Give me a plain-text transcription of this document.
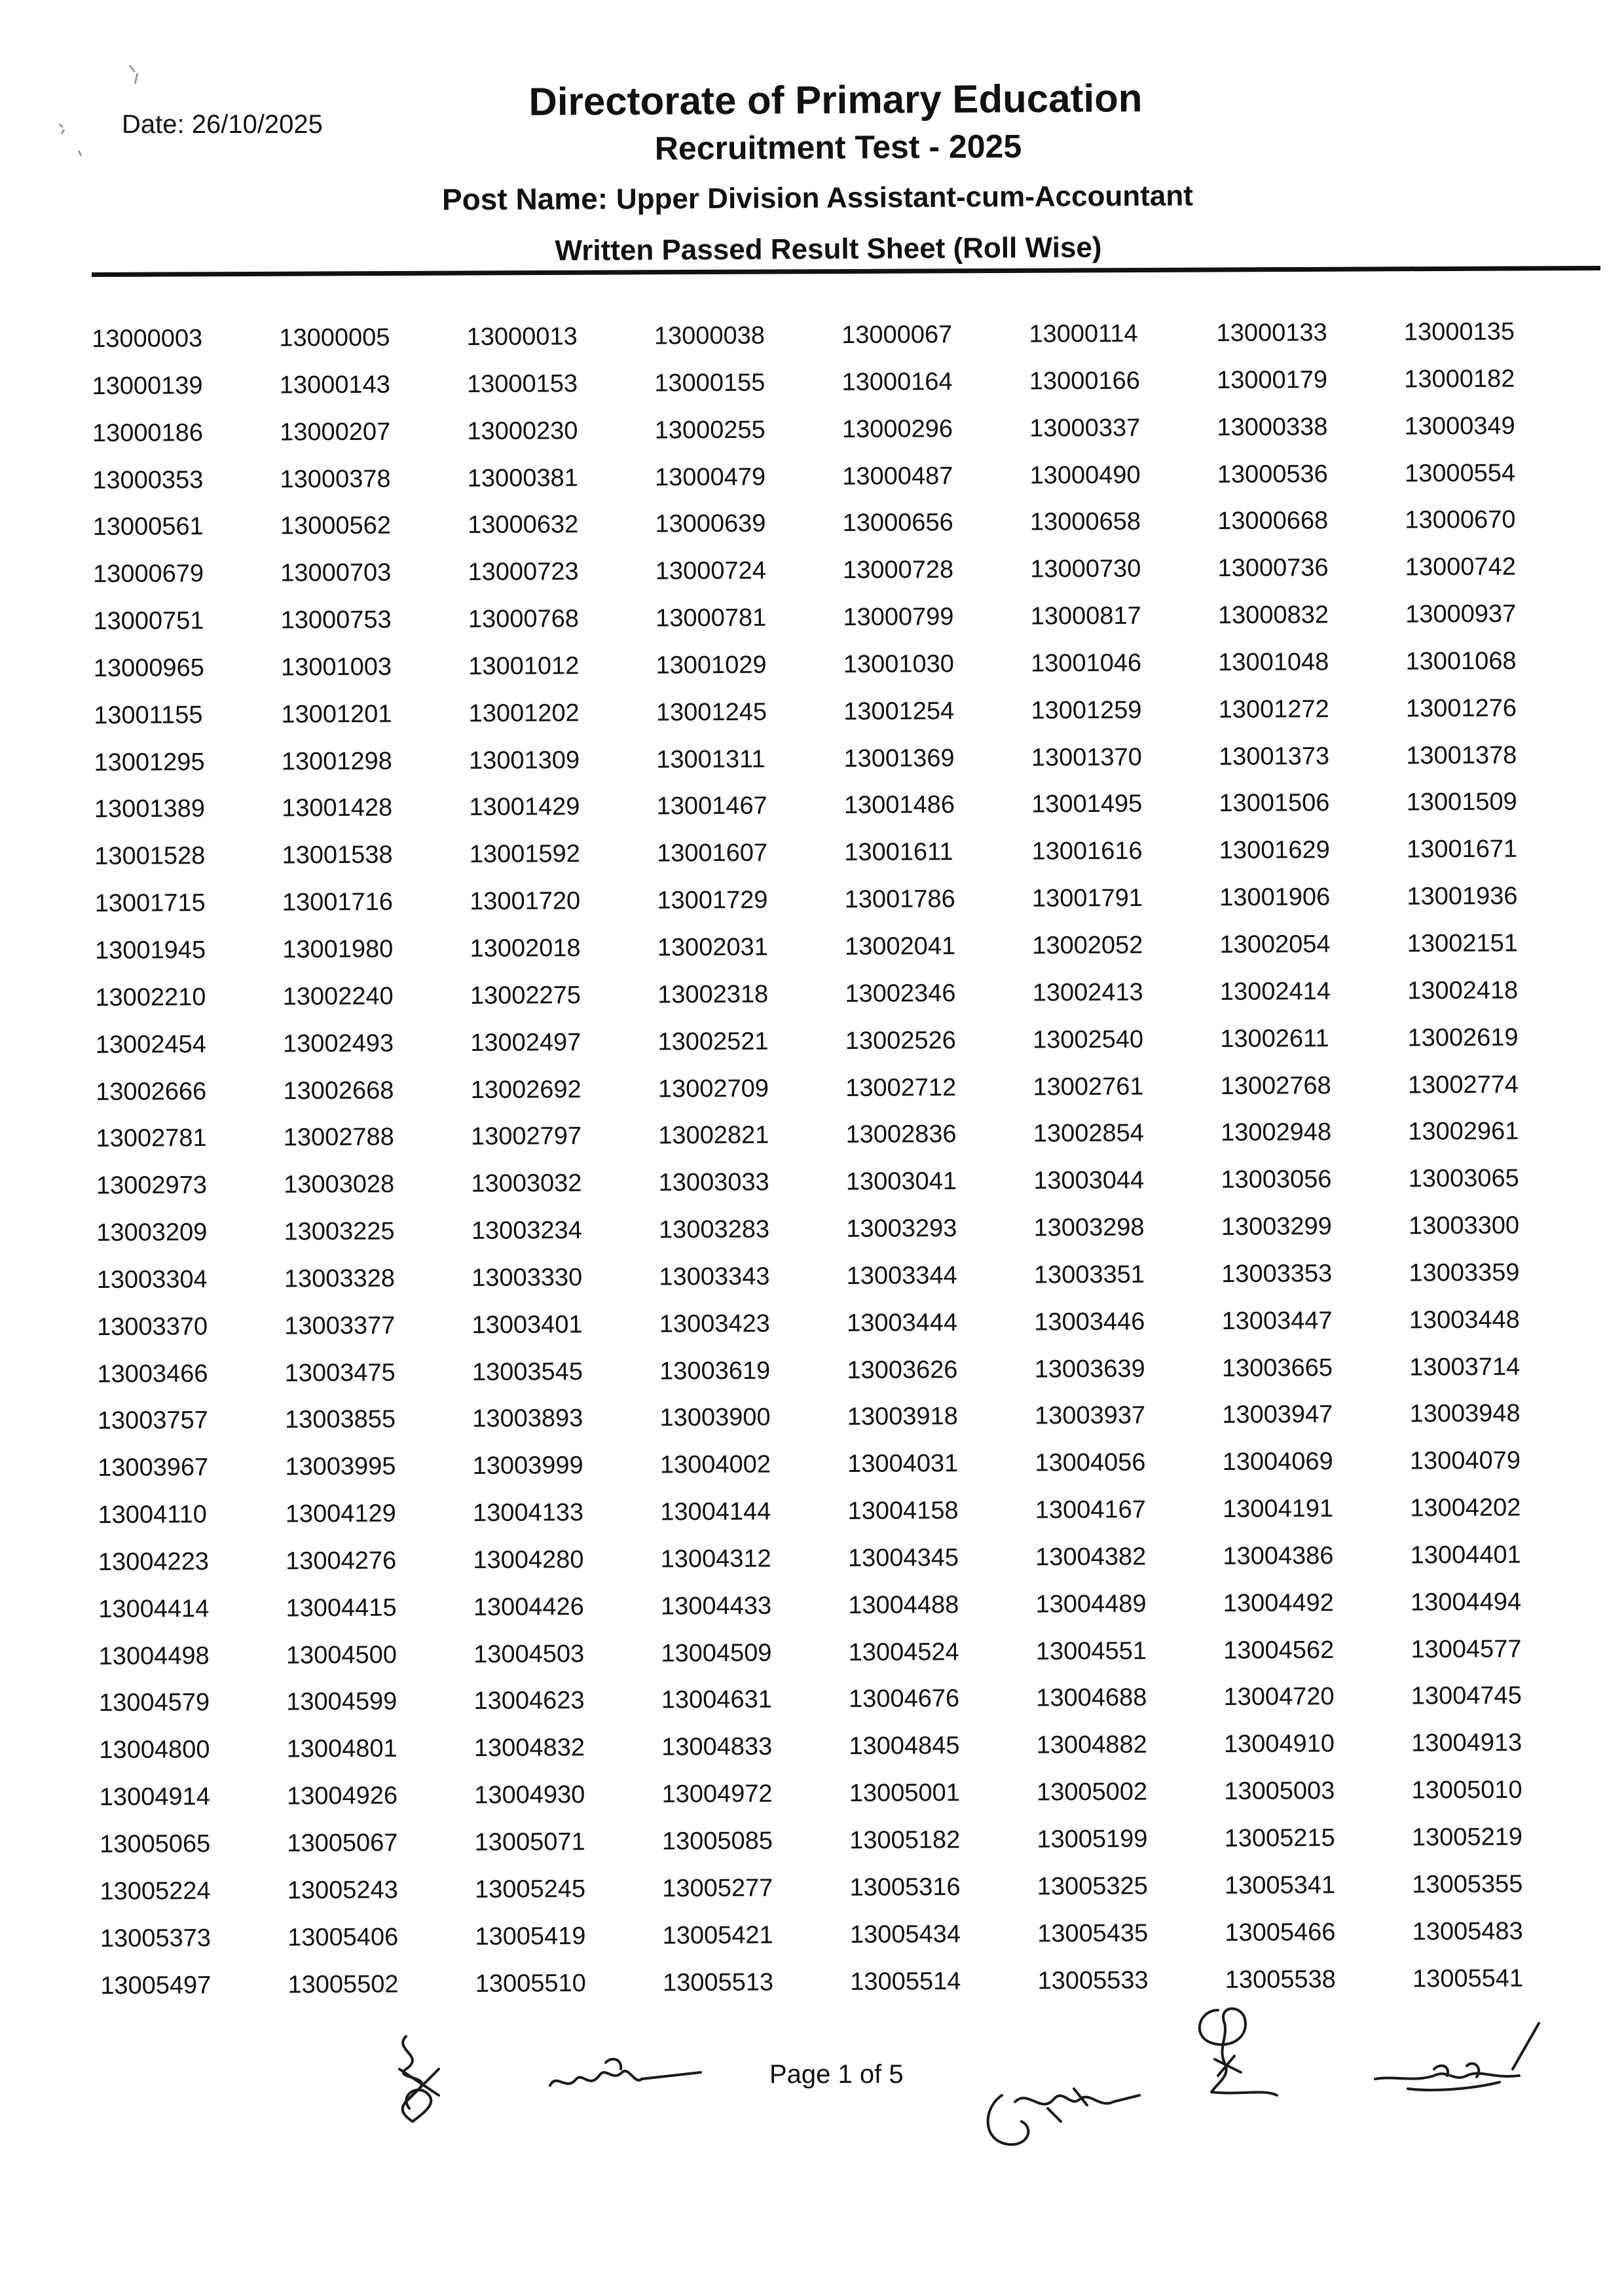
Date: 26/10/2025
Directorate of Primary Education
Recruitment Test - 2025
Post Name: Upper Division Assistant-cum-Accountant
Written Passed Result Sheet (Roll Wise)
13000003	13000005	13000013	13000038	13000067	13000114	13000133	13000135
13000139	13000143	13000153	13000155	13000164	13000166	13000179	13000182
13000186	13000207	13000230	13000255	13000296	13000337	13000338	13000349
13000353	13000378	13000381	13000479	13000487	13000490	13000536	13000554
13000561	13000562	13000632	13000639	13000656	13000658	13000668	13000670
13000679	13000703	13000723	13000724	13000728	13000730	13000736	13000742
13000751	13000753	13000768	13000781	13000799	13000817	13000832	13000937
13000965	13001003	13001012	13001029	13001030	13001046	13001048	13001068
13001155	13001201	13001202	13001245	13001254	13001259	13001272	13001276
13001295	13001298	13001309	13001311	13001369	13001370	13001373	13001378
13001389	13001428	13001429	13001467	13001486	13001495	13001506	13001509
13001528	13001538	13001592	13001607	13001611	13001616	13001629	13001671
13001715	13001716	13001720	13001729	13001786	13001791	13001906	13001936
13001945	13001980	13002018	13002031	13002041	13002052	13002054	13002151
13002210	13002240	13002275	13002318	13002346	13002413	13002414	13002418
13002454	13002493	13002497	13002521	13002526	13002540	13002611	13002619
13002666	13002668	13002692	13002709	13002712	13002761	13002768	13002774
13002781	13002788	13002797	13002821	13002836	13002854	13002948	13002961
13002973	13003028	13003032	13003033	13003041	13003044	13003056	13003065
13003209	13003225	13003234	13003283	13003293	13003298	13003299	13003300
13003304	13003328	13003330	13003343	13003344	13003351	13003353	13003359
13003370	13003377	13003401	13003423	13003444	13003446	13003447	13003448
13003466	13003475	13003545	13003619	13003626	13003639	13003665	13003714
13003757	13003855	13003893	13003900	13003918	13003937	13003947	13003948
13003967	13003995	13003999	13004002	13004031	13004056	13004069	13004079
13004110	13004129	13004133	13004144	13004158	13004167	13004191	13004202
13004223	13004276	13004280	13004312	13004345	13004382	13004386	13004401
13004414	13004415	13004426	13004433	13004488	13004489	13004492	13004494
13004498	13004500	13004503	13004509	13004524	13004551	13004562	13004577
13004579	13004599	13004623	13004631	13004676	13004688	13004720	13004745
13004800	13004801	13004832	13004833	13004845	13004882	13004910	13004913
13004914	13004926	13004930	13004972	13005001	13005002	13005003	13005010
13005065	13005067	13005071	13005085	13005182	13005199	13005215	13005219
13005224	13005243	13005245	13005277	13005316	13005325	13005341	13005355
13005373	13005406	13005419	13005421	13005434	13005435	13005466	13005483
13005497	13005502	13005510	13005513	13005514	13005533	13005538	13005541
Page 1 of 5
